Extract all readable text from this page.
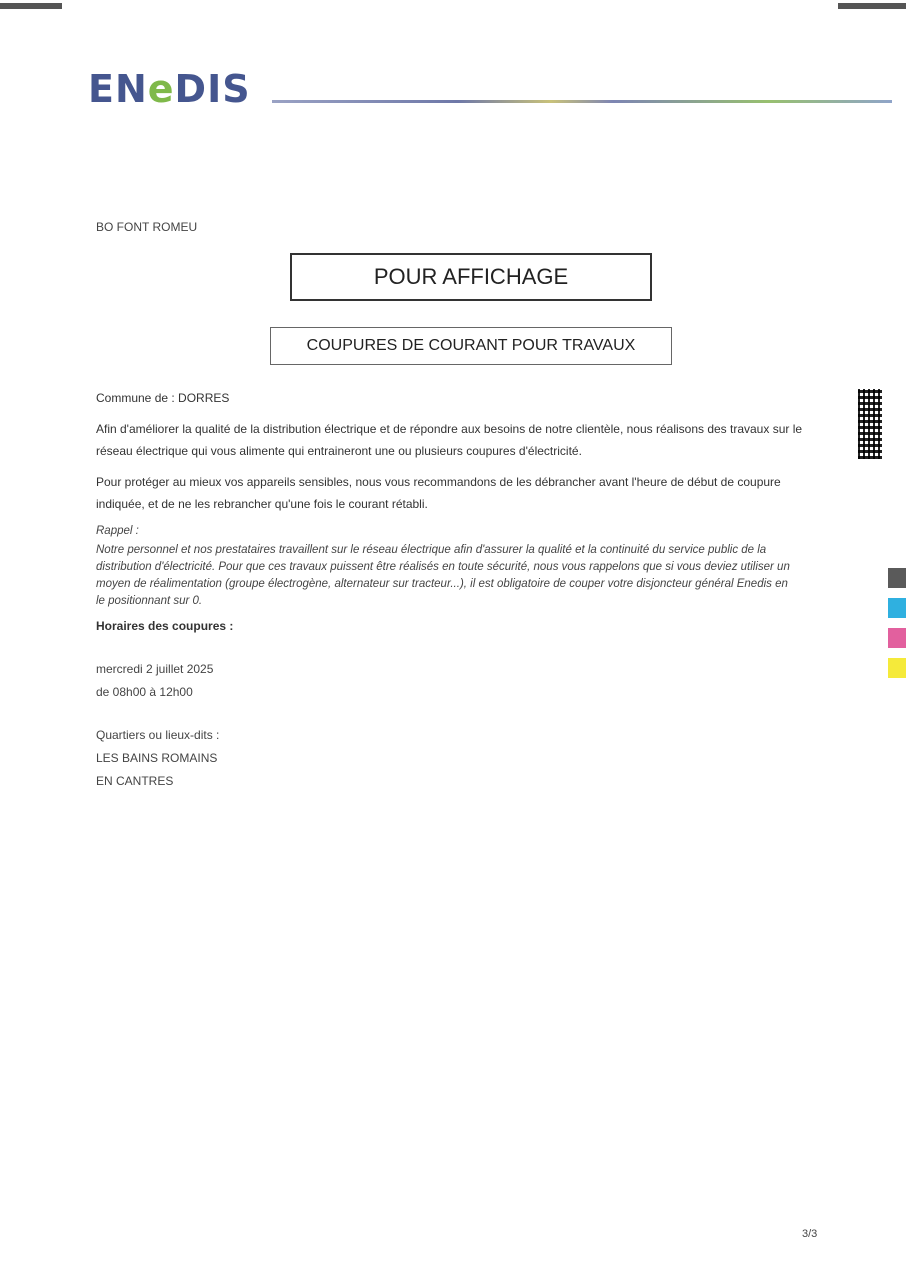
ENeDIS
BO FONT ROMEU
POUR AFFICHAGE
COUPURES DE COURANT POUR TRAVAUX
Commune de : DORRES
Afin d'améliorer la qualité de la distribution électrique et de répondre aux besoins de notre clientèle, nous réalisons des travaux sur le réseau électrique qui vous alimente qui entraineront une ou plusieurs coupures d'électricité.
Pour protéger au mieux vos appareils sensibles, nous vous recommandons de les débrancher avant l'heure de début de coupure indiquée, et de ne les rebrancher qu'une fois le courant rétabli.
Rappel :
Notre personnel et nos prestataires travaillent sur le réseau électrique afin d'assurer la qualité et la continuité du service public de la distribution d'électricité. Pour que ces travaux puissent être réalisés en toute sécurité, nous vous rappelons que si vous deviez utiliser un moyen de réalimentation (groupe électrogène, alternateur sur tracteur...), il est obligatoire de couper votre disjoncteur général Enedis en le positionnant sur 0.
Horaires des coupures :
mercredi 2 juillet 2025
de 08h00 à 12h00
Quartiers ou lieux-dits :
LES BAINS ROMAINS
EN CANTRES
3/3
